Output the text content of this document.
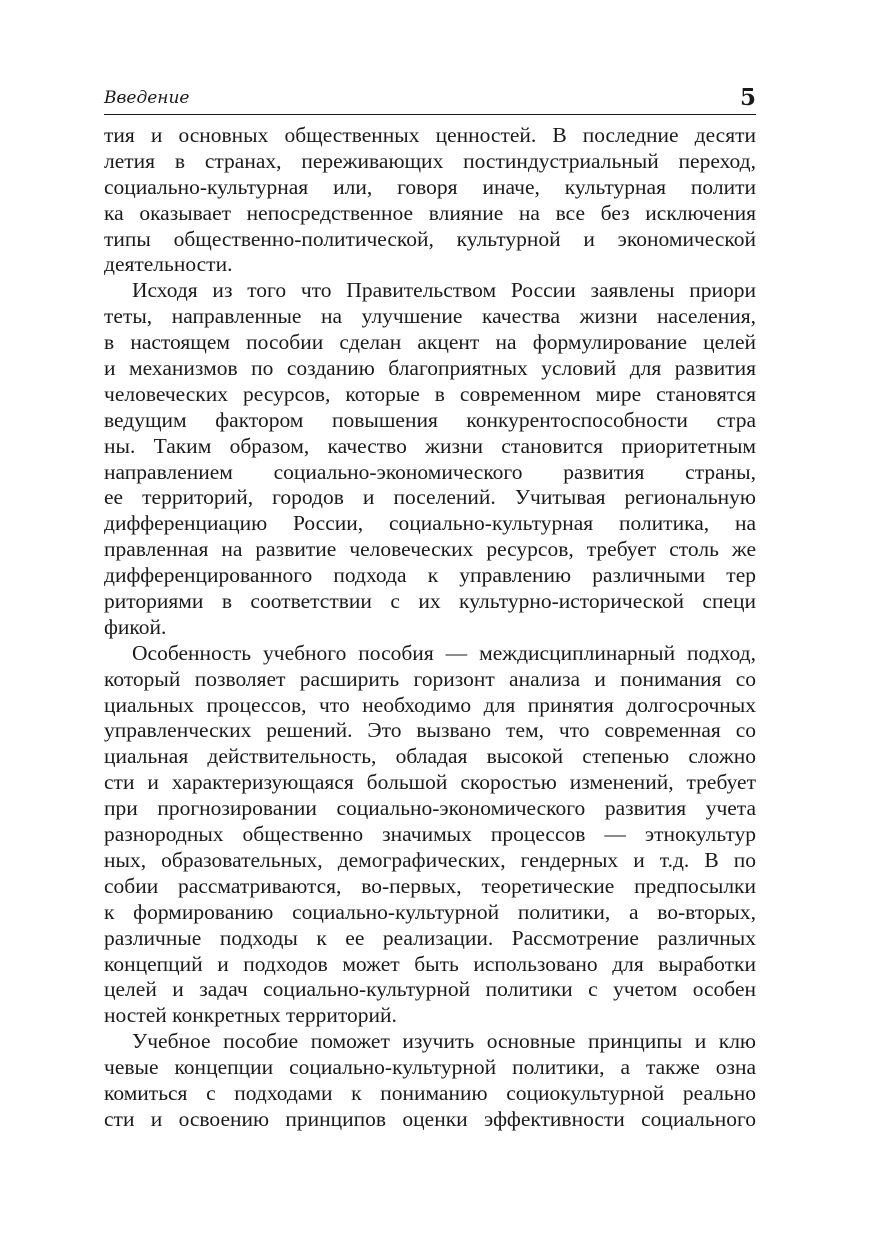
Введение	5
тия и основных общественных ценностей. В последние десяти
летия в странах, переживающих постиндустриальный переход,
социально-культурная или, говоря иначе, культурная полити
ка оказывает непосредственное влияние на все без исключения
типы общественно-политической, культурной и экономической
деятельности.
Исходя из того что Правительством России заявлены приори
теты, направленные на улучшение качества жизни населения,
в настоящем пособии сделан акцент на формулирование целей
и механизмов по созданию благоприятных условий для развития
человеческих ресурсов, которые в современном мире становятся
ведущим фактором повышения конкурентоспособности стра
ны. Таким образом, качество жизни становится приоритетным
направлением социально-экономического развития страны,
ее территорий, городов и поселений. Учитывая региональную
дифференциацию России, социально-культурная политика, на
правленная на развитие человеческих ресурсов, требует столь же
дифференцированного подхода к управлению различными тер
риториями в соответствии с их культурно-исторической специ
фикой.
Особенность учебного пособия — междисциплинарный подход,
который позволяет расширить горизонт анализа и понимания со
циальных процессов, что необходимо для принятия долгосрочных
управленческих решений. Это вызвано тем, что современная со
циальная действительность, обладая высокой степенью сложно
сти и характеризующаяся большой скоростью изменений, требует
при прогнозировании социально-экономического развития учета
разнородных общественно значимых процессов — этнокультур
ных, образовательных, демографических, гендерных и т.д. В по
собии рассматриваются, во-первых, теоретические предпосылки
к формированию социально-культурной политики, а во-вторых,
различные подходы к ее реализации. Рассмотрение различных
концепций и подходов может быть использовано для выработки
целей и задач социально-культурной политики с учетом особен
ностей конкретных территорий.
Учебное пособие поможет изучить основные принципы и клю
чевые концепции социально-культурной политики, а также озна
комиться с подходами к пониманию социокультурной реально
сти и освоению принципов оценки эффективности социального
